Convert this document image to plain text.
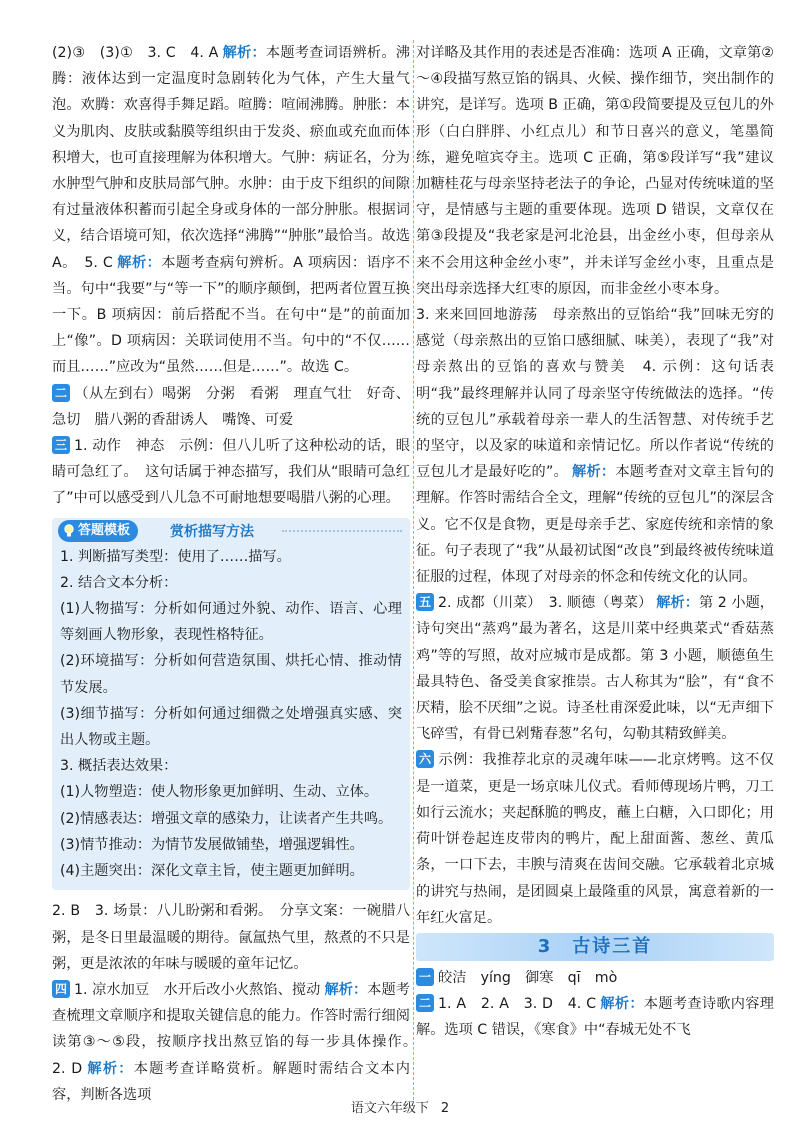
(2)③　(3)①　3. C　4. A 解析：本题考查词语辨析。沸腾：液体达到一定温度时急剧转化为气体，产生大量气泡。欢腾：欢喜得手舞足蹈。喧腾：喧闹沸腾。肿胀：本义为肌肉、皮肤或黏膜等组织由于发炎、瘀血或充血而体积增大，也可直接理解为体积增大。气肿：病证名，分为水肿型气肿和皮肤局部气肿。水肿：由于皮下组织的间隙有过量液体积蓄而引起全身或身体的一部分肿胀。根据词义，结合语境可知，依次选择“沸腾”“肿胀”最恰当。故选 A。　5. C 解析：本题考查病句辨析。A 项病因：语序不当。句中“我要”与“等一下”的顺序颠倒，把两者位置互换一下。B 项病因：前后搭配不当。在句中“是”的前面加上“像”。D 项病因：关联词使用不当。句中的“不仅……而且……”应改为“虽然……但是……”。故选 C。

二 （从左到右）喝粥　分粥　看粥　理直气壮　好奇、急切　腊八粥的香甜诱人　嘴馋、可爱

三 1. 动作　神态　示例：但八儿听了这种松动的话，眼睛可急红了。　这句话属于神态描写，我们从“眼睛可急红了”中可以感受到八儿急不可耐地想要喝腊八粥的心理。

答题模板	赏析描写方法

1. 判断描写类型：使用了……描写。

2. 结合文本分析：

(1)人物描写：分析如何通过外貌、动作、语言、心理等刻画人物形象，表现性格特征。

(2)环境描写：分析如何营造氛围、烘托心情、推动情节发展。

(3)细节描写：分析如何通过细微之处增强真实感、突出人物或主题。

3. 概括表达效果：

(1)人物塑造：使人物形象更加鲜明、生动、立体。

(2)情感表达：增强文章的感染力，让读者产生共鸣。

(3)情节推动：为情节发展做铺垫，增强逻辑性。

(4)主题突出：深化文章主旨，使主题更加鲜明。

2. B　3. 场景：八儿盼粥和看粥。　分享文案：一碗腊八粥，是冬日里最温暖的期待。氤氲热气里，熬煮的不只是粥，更是浓浓的年味与暖暖的童年记忆。

四 1. 凉水加豆　水开后改小火熬馅、搅动 解析：本题考查梳理文章顺序和提取关键信息的能力。作答时需行细阅读第③～⑤段，按顺序找出熬豆馅的每一步具体操作。　2. D 解析：本题考查详略赏析。解题时需结合文本内容，判断各选项

对详略及其作用的表述是否准确：选项 A 正确，文章第②～④段描写熬豆馅的锅具、火候、操作细节，突出制作的讲究，是详写。选项 B 正确，第①段简要提及豆包儿的外形（白白胖胖、小红点儿）和节日喜兴的意义，笔墨简练，避免喧宾夺主。选项 C 正确，第⑤段详写“我”建议加糖桂花与母亲坚持老法子的争论，凸显对传统味道的坚守，是情感与主题的重要体现。选项 D 错误，文章仅在第③段提及“我老家是河北沧县，出金丝小枣，但母亲从来不会用这种金丝小枣”，并未详写金丝小枣，且重点是突出母亲选择大红枣的原因，而非金丝小枣本身。

3. 来来回回地游荡　母亲熬出的豆馅给“我”回味无穷的感觉（母亲熬出的豆馅口感细腻、味美），表现了“我”对母亲熬出的豆馅的喜欢与赞美　4. 示例：这句话表明“我”最终理解并认同了母亲坚守传统做法的选择。“传统的豆包儿”承载着母亲一辈人的生活智慧、对传统手艺的坚守，以及家的味道和亲情记忆。所以作者说“传统的豆包儿才是最好吃的”。 解析：本题考查对文章主旨句的理解。作答时需结合全文，理解“传统的豆包儿”的深层含义。它不仅是食物，更是母亲手艺、家庭传统和亲情的象征。句子表现了“我”从最初试图“改良”到最终被传统味道征服的过程，体现了对母亲的怀念和传统文化的认同。

五 2. 成都（川菜）　3. 顺德（粤菜） 解析：第 2 小题，诗句突出“蒸鸡”最为著名，这是川菜中经典菜式“香菇蒸鸡”等的写照，故对应城市是成都。第 3 小题，顺德鱼生最具特色、备受美食家推崇。古人称其为“脍”，有“食不厌精，脍不厌细”之说。诗圣杜甫深爱此味，以“无声细下飞碎雪，有骨已剁觜春葱”名句，勾勒其精致鲜美。

六 示例：我推荐北京的灵魂年味——北京烤鸭。这不仅是一道菜，更是一场京味儿仪式。看师傅现场片鸭，刀工如行云流水；夹起酥脆的鸭皮，蘸上白糖，入口即化；用荷叶饼卷起连皮带肉的鸭片，配上甜面酱、葱丝、黄瓜条，一口下去，丰腴与清爽在齿间交融。它承载着北京城的讲究与热闹，是团圆桌上最隆重的风景，寓意着新的一年红火富足。

3　古诗三首

一 皎洁　yíng　御寒　qī　mò

二 1. A　2. A　3. D　4. C 解析：本题考查诗歌内容理解。选项 C 错误，《寒食》中“春城无处不飞

语文六年级下 2
